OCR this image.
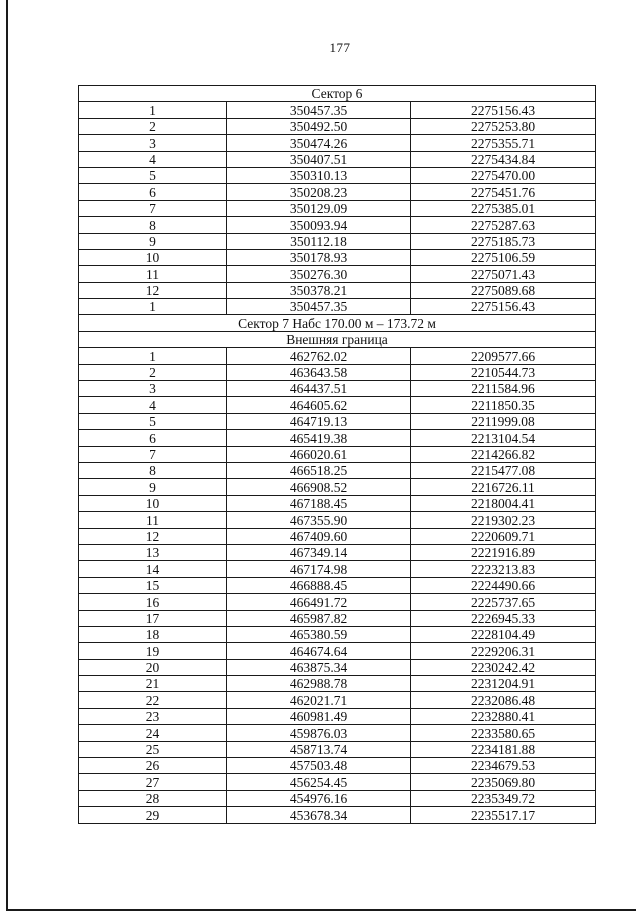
177
Сектор 6		
1	350457.35	2275156.43
2	350492.50	2275253.80
3	350474.26	2275355.71
4	350407.51	2275434.84
5	350310.13	2275470.00
6	350208.23	2275451.76
7	350129.09	2275385.01
8	350093.94	2275287.63
9	350112.18	2275185.73
10	350178.93	2275106.59
11	350276.30	2275071.43
12	350378.21	2275089.68
1	350457.35	2275156.43
Сектор 7 Набс 170.00 м – 173.72 м		
Внешняя граница		
1	462762.02	2209577.66
2	463643.58	2210544.73
3	464437.51	2211584.96
4	464605.62	2211850.35
5	464719.13	2211999.08
6	465419.38	2213104.54
7	466020.61	2214266.82
8	466518.25	2215477.08
9	466908.52	2216726.11
10	467188.45	2218004.41
11	467355.90	2219302.23
12	467409.60	2220609.71
13	467349.14	2221916.89
14	467174.98	2223213.83
15	466888.45	2224490.66
16	466491.72	2225737.65
17	465987.82	2226945.33
18	465380.59	2228104.49
19	464674.64	2229206.31
20	463875.34	2230242.42
21	462988.78	2231204.91
22	462021.71	2232086.48
23	460981.49	2232880.41
24	459876.03	2233580.65
25	458713.74	2234181.88
26	457503.48	2234679.53
27	456254.45	2235069.80
28	454976.16	2235349.72
29	453678.34	2235517.17
